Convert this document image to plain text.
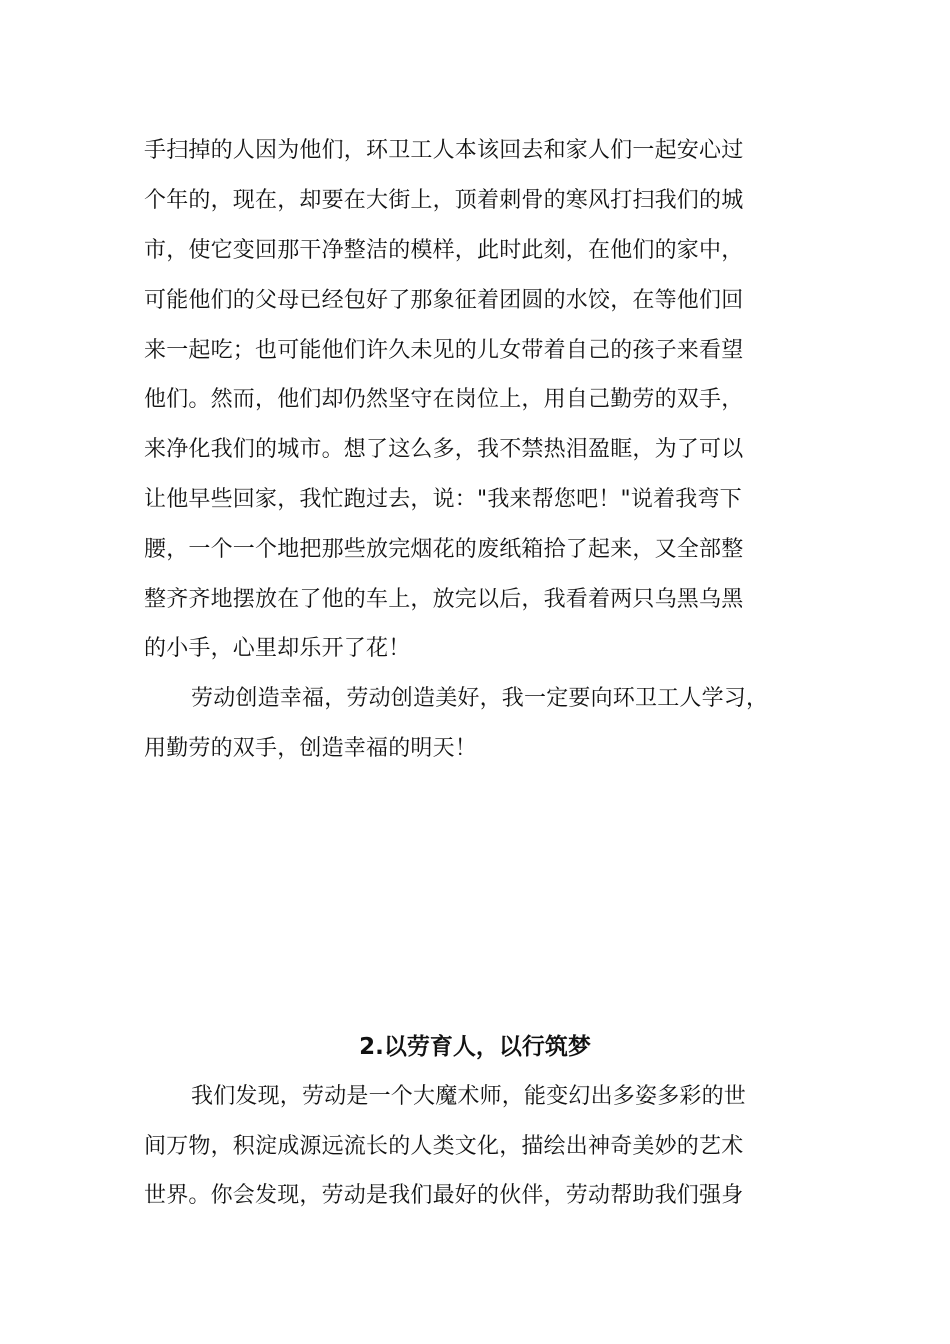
手扫掉的人因为他们，环卫工人本该回去和家人们一起安心过
个年的，现在，却要在大街上，顶着刺骨的寒风打扫我们的城
市，使它变回那干净整洁的模样，此时此刻，在他们的家中，
可能他们的父母已经包好了那象征着团圆的水饺，在等他们回
来一起吃；也可能他们许久未见的儿女带着自己的孩子来看望
他们。然而，他们却仍然坚守在岗位上，用自己勤劳的双手，
来净化我们的城市。想了这么多，我不禁热泪盈眶，为了可以
让他早些回家，我忙跑过去，说："我来帮您吧！"说着我弯下
腰，一个一个地把那些放完烟花的废纸箱拾了起来，又全部整
整齐齐地摆放在了他的车上，放完以后，我看着两只乌黑乌黑
的小手，心里却乐开了花！
劳动创造幸福，劳动创造美好，我一定要向环卫工人学习，
用勤劳的双手，创造幸福的明天！
2.以劳育人，以行筑梦
我们发现，劳动是一个大魔术师，能变幻出多姿多彩的世
间万物，积淀成源远流长的人类文化，描绘出神奇美妙的艺术
世界。你会发现，劳动是我们最好的伙伴，劳动帮助我们强身
